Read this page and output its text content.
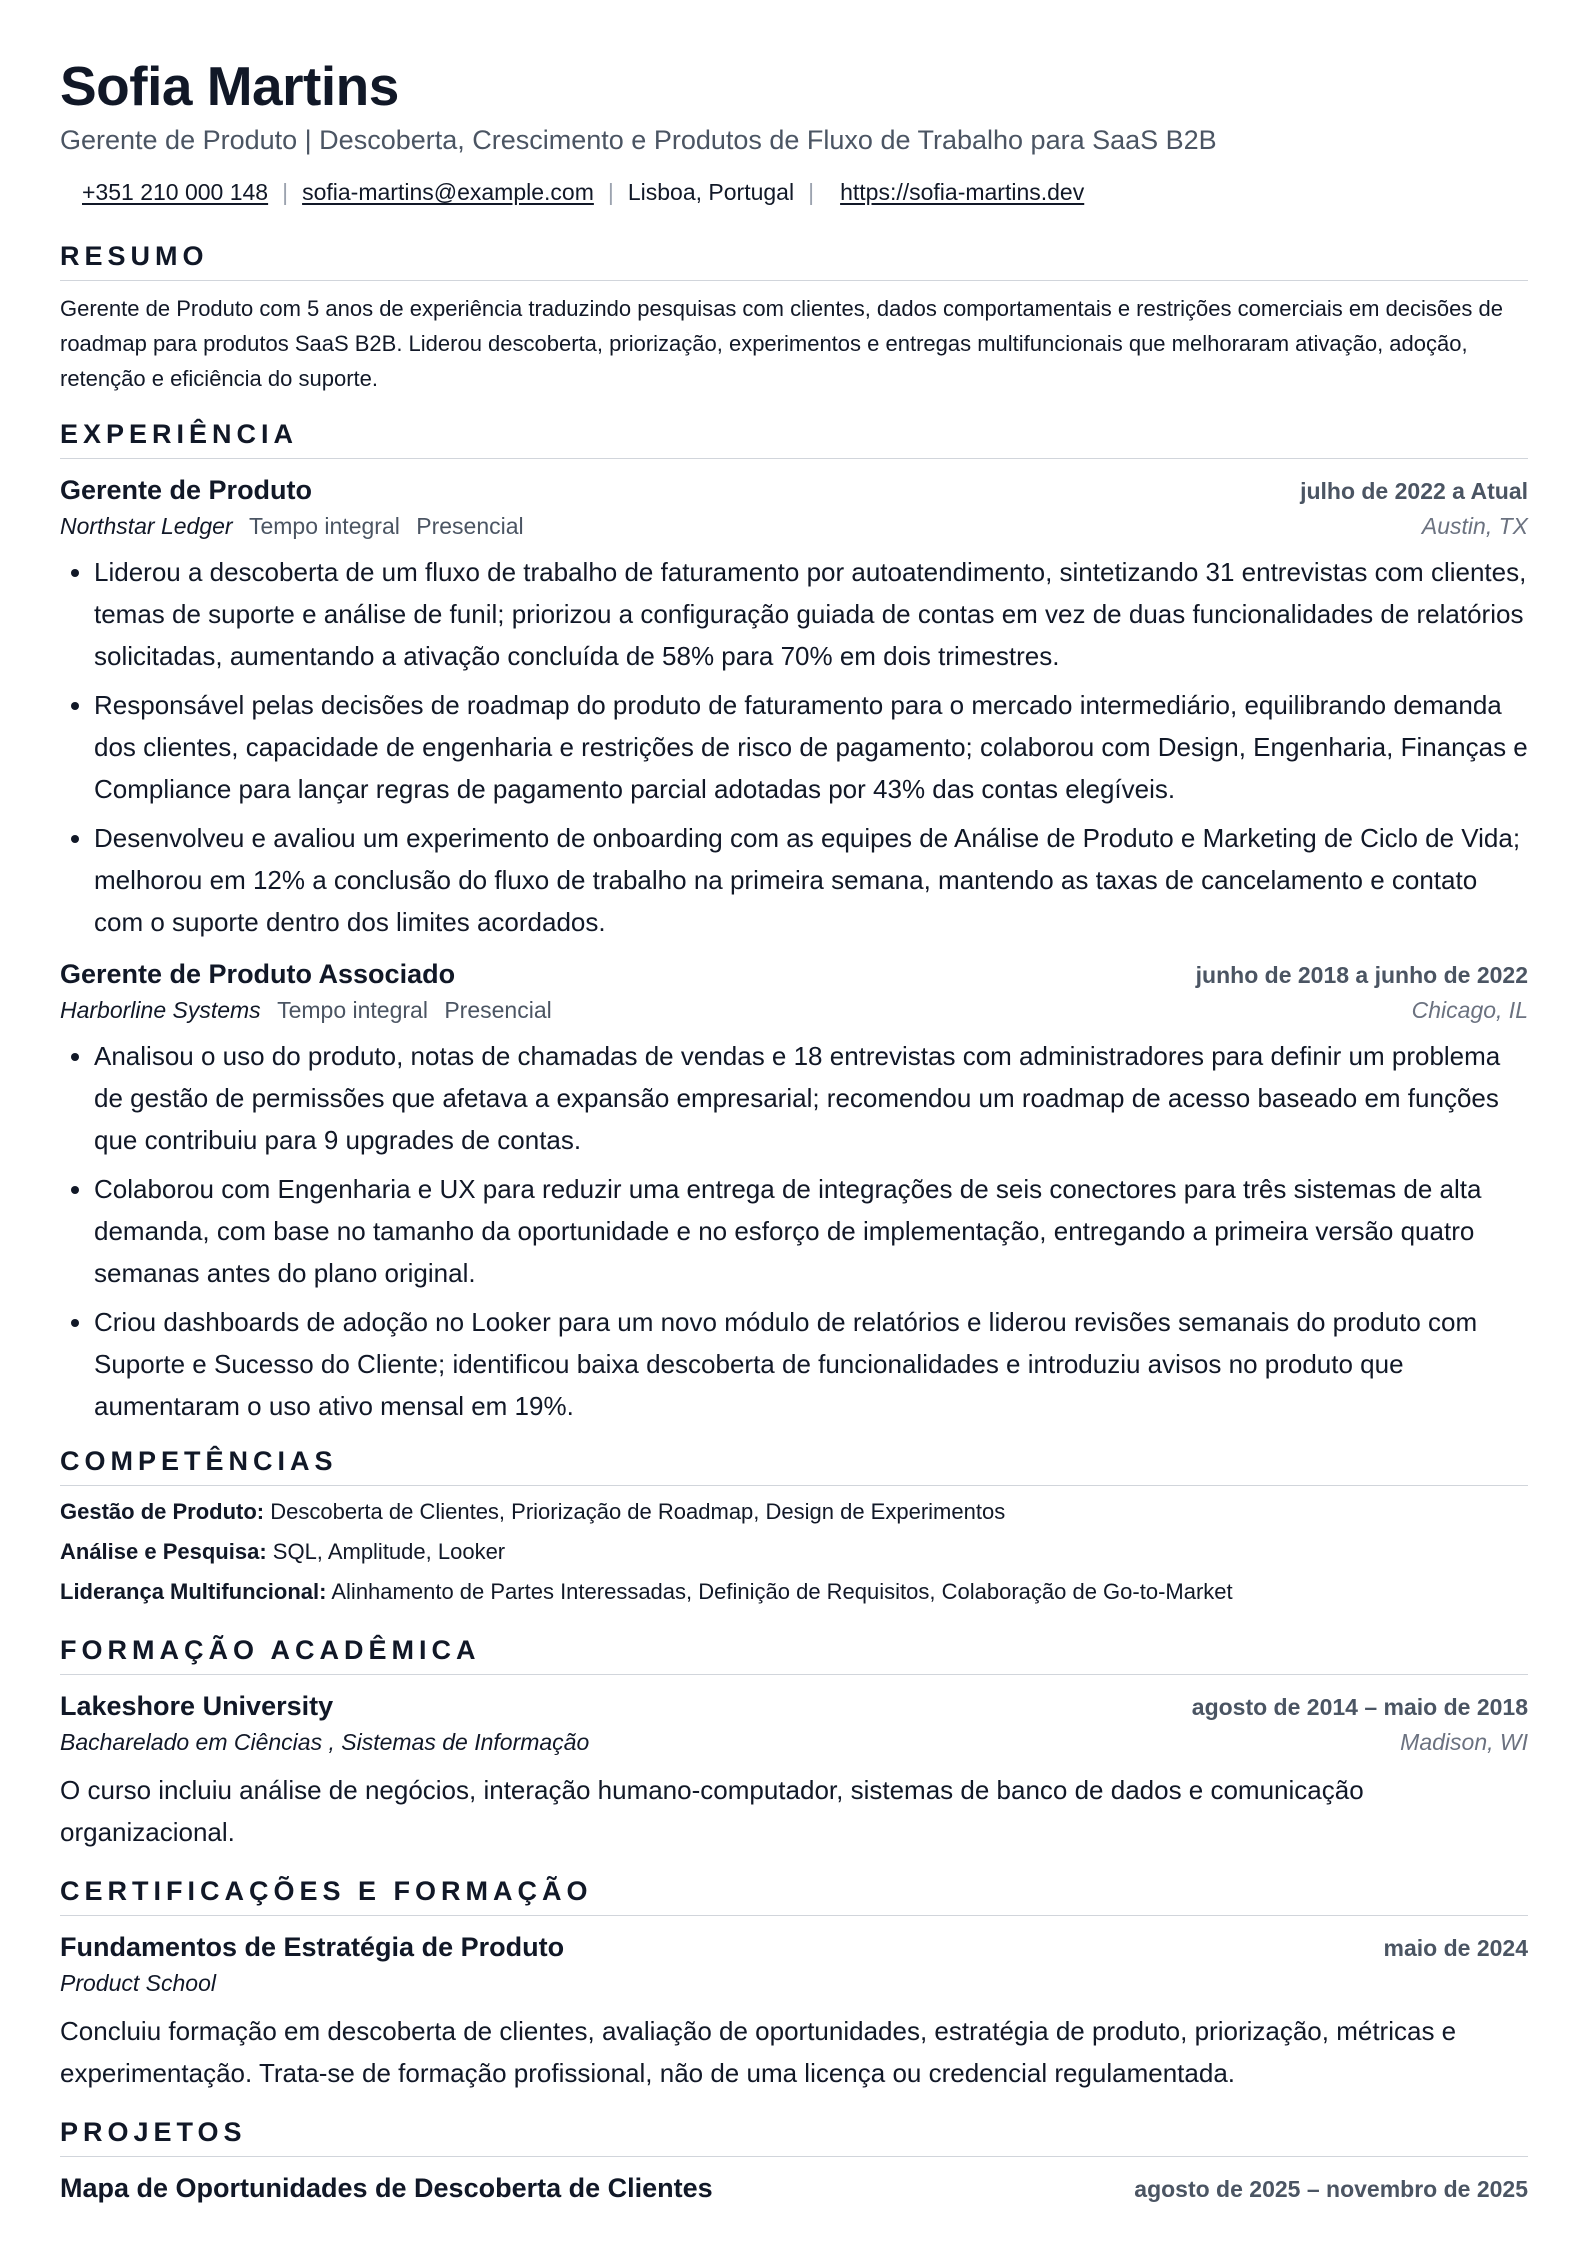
Sofia Martins
Gerente de Produto | Descoberta, Crescimento e Produtos de Fluxo de Trabalho para SaaS B2B
+351 210 000 148 | sofia-martins@example.com | Lisboa, Portugal | https://sofia-martins.dev
RESUMO
Gerente de Produto com 5 anos de experiência traduzindo pesquisas com clientes, dados comportamentais e restrições comerciais em decisões de roadmap para produtos SaaS B2B. Liderou descoberta, priorização, experimentos e entregas multifuncionais que melhoraram ativação, adoção, retenção e eficiência do suporte.
EXPERIÊNCIA
Gerente de Produto	julho de 2022 a Atual
Northstar Ledger Tempo integral Presencial	Austin, TX
• Liderou a descoberta de um fluxo de trabalho de faturamento por autoatendimento, sintetizando 31 entrevistas com clientes, temas de suporte e análise de funil; priorizou a configuração guiada de contas em vez de duas funcionalidades de relatórios solicitadas, aumentando a ativação concluída de 58% para 70% em dois trimestres.
• Responsável pelas decisões de roadmap do produto de faturamento para o mercado intermediário, equilibrando demanda dos clientes, capacidade de engenharia e restrições de risco de pagamento; colaborou com Design, Engenharia, Finanças e Compliance para lançar regras de pagamento parcial adotadas por 43% das contas elegíveis.
• Desenvolveu e avaliou um experimento de onboarding com as equipes de Análise de Produto e Marketing de Ciclo de Vida; melhorou em 12% a conclusão do fluxo de trabalho na primeira semana, mantendo as taxas de cancelamento e contato com o suporte dentro dos limites acordados.
Gerente de Produto Associado	junho de 2018 a junho de 2022
Harborline Systems Tempo integral Presencial	Chicago, IL
• Analisou o uso do produto, notas de chamadas de vendas e 18 entrevistas com administradores para definir um problema de gestão de permissões que afetava a expansão empresarial; recomendou um roadmap de acesso baseado em funções que contribuiu para 9 upgrades de contas.
• Colaborou com Engenharia e UX para reduzir uma entrega de integrações de seis conectores para três sistemas de alta demanda, com base no tamanho da oportunidade e no esforço de implementação, entregando a primeira versão quatro semanas antes do plano original.
• Criou dashboards de adoção no Looker para um novo módulo de relatórios e liderou revisões semanais do produto com Suporte e Sucesso do Cliente; identificou baixa descoberta de funcionalidades e introduziu avisos no produto que aumentaram o uso ativo mensal em 19%.
COMPETÊNCIAS
Gestão de Produto: Descoberta de Clientes, Priorização de Roadmap, Design de Experimentos
Análise e Pesquisa: SQL, Amplitude, Looker
Liderança Multifuncional: Alinhamento de Partes Interessadas, Definição de Requisitos, Colaboração de Go-to-Market
FORMAÇÃO ACADÊMICA
Lakeshore University	agosto de 2014 – maio de 2018
Bacharelado em Ciências , Sistemas de Informação	Madison, WI
O curso incluiu análise de negócios, interação humano-computador, sistemas de banco de dados e comunicação organizacional.
CERTIFICAÇÕES E FORMAÇÃO
Fundamentos de Estratégia de Produto	maio de 2024
Product School
Concluiu formação em descoberta de clientes, avaliação de oportunidades, estratégia de produto, priorização, métricas e experimentação. Trata-se de formação profissional, não de uma licença ou credencial regulamentada.
PROJETOS
Mapa de Oportunidades de Descoberta de Clientes	agosto de 2025 – novembro de 2025
